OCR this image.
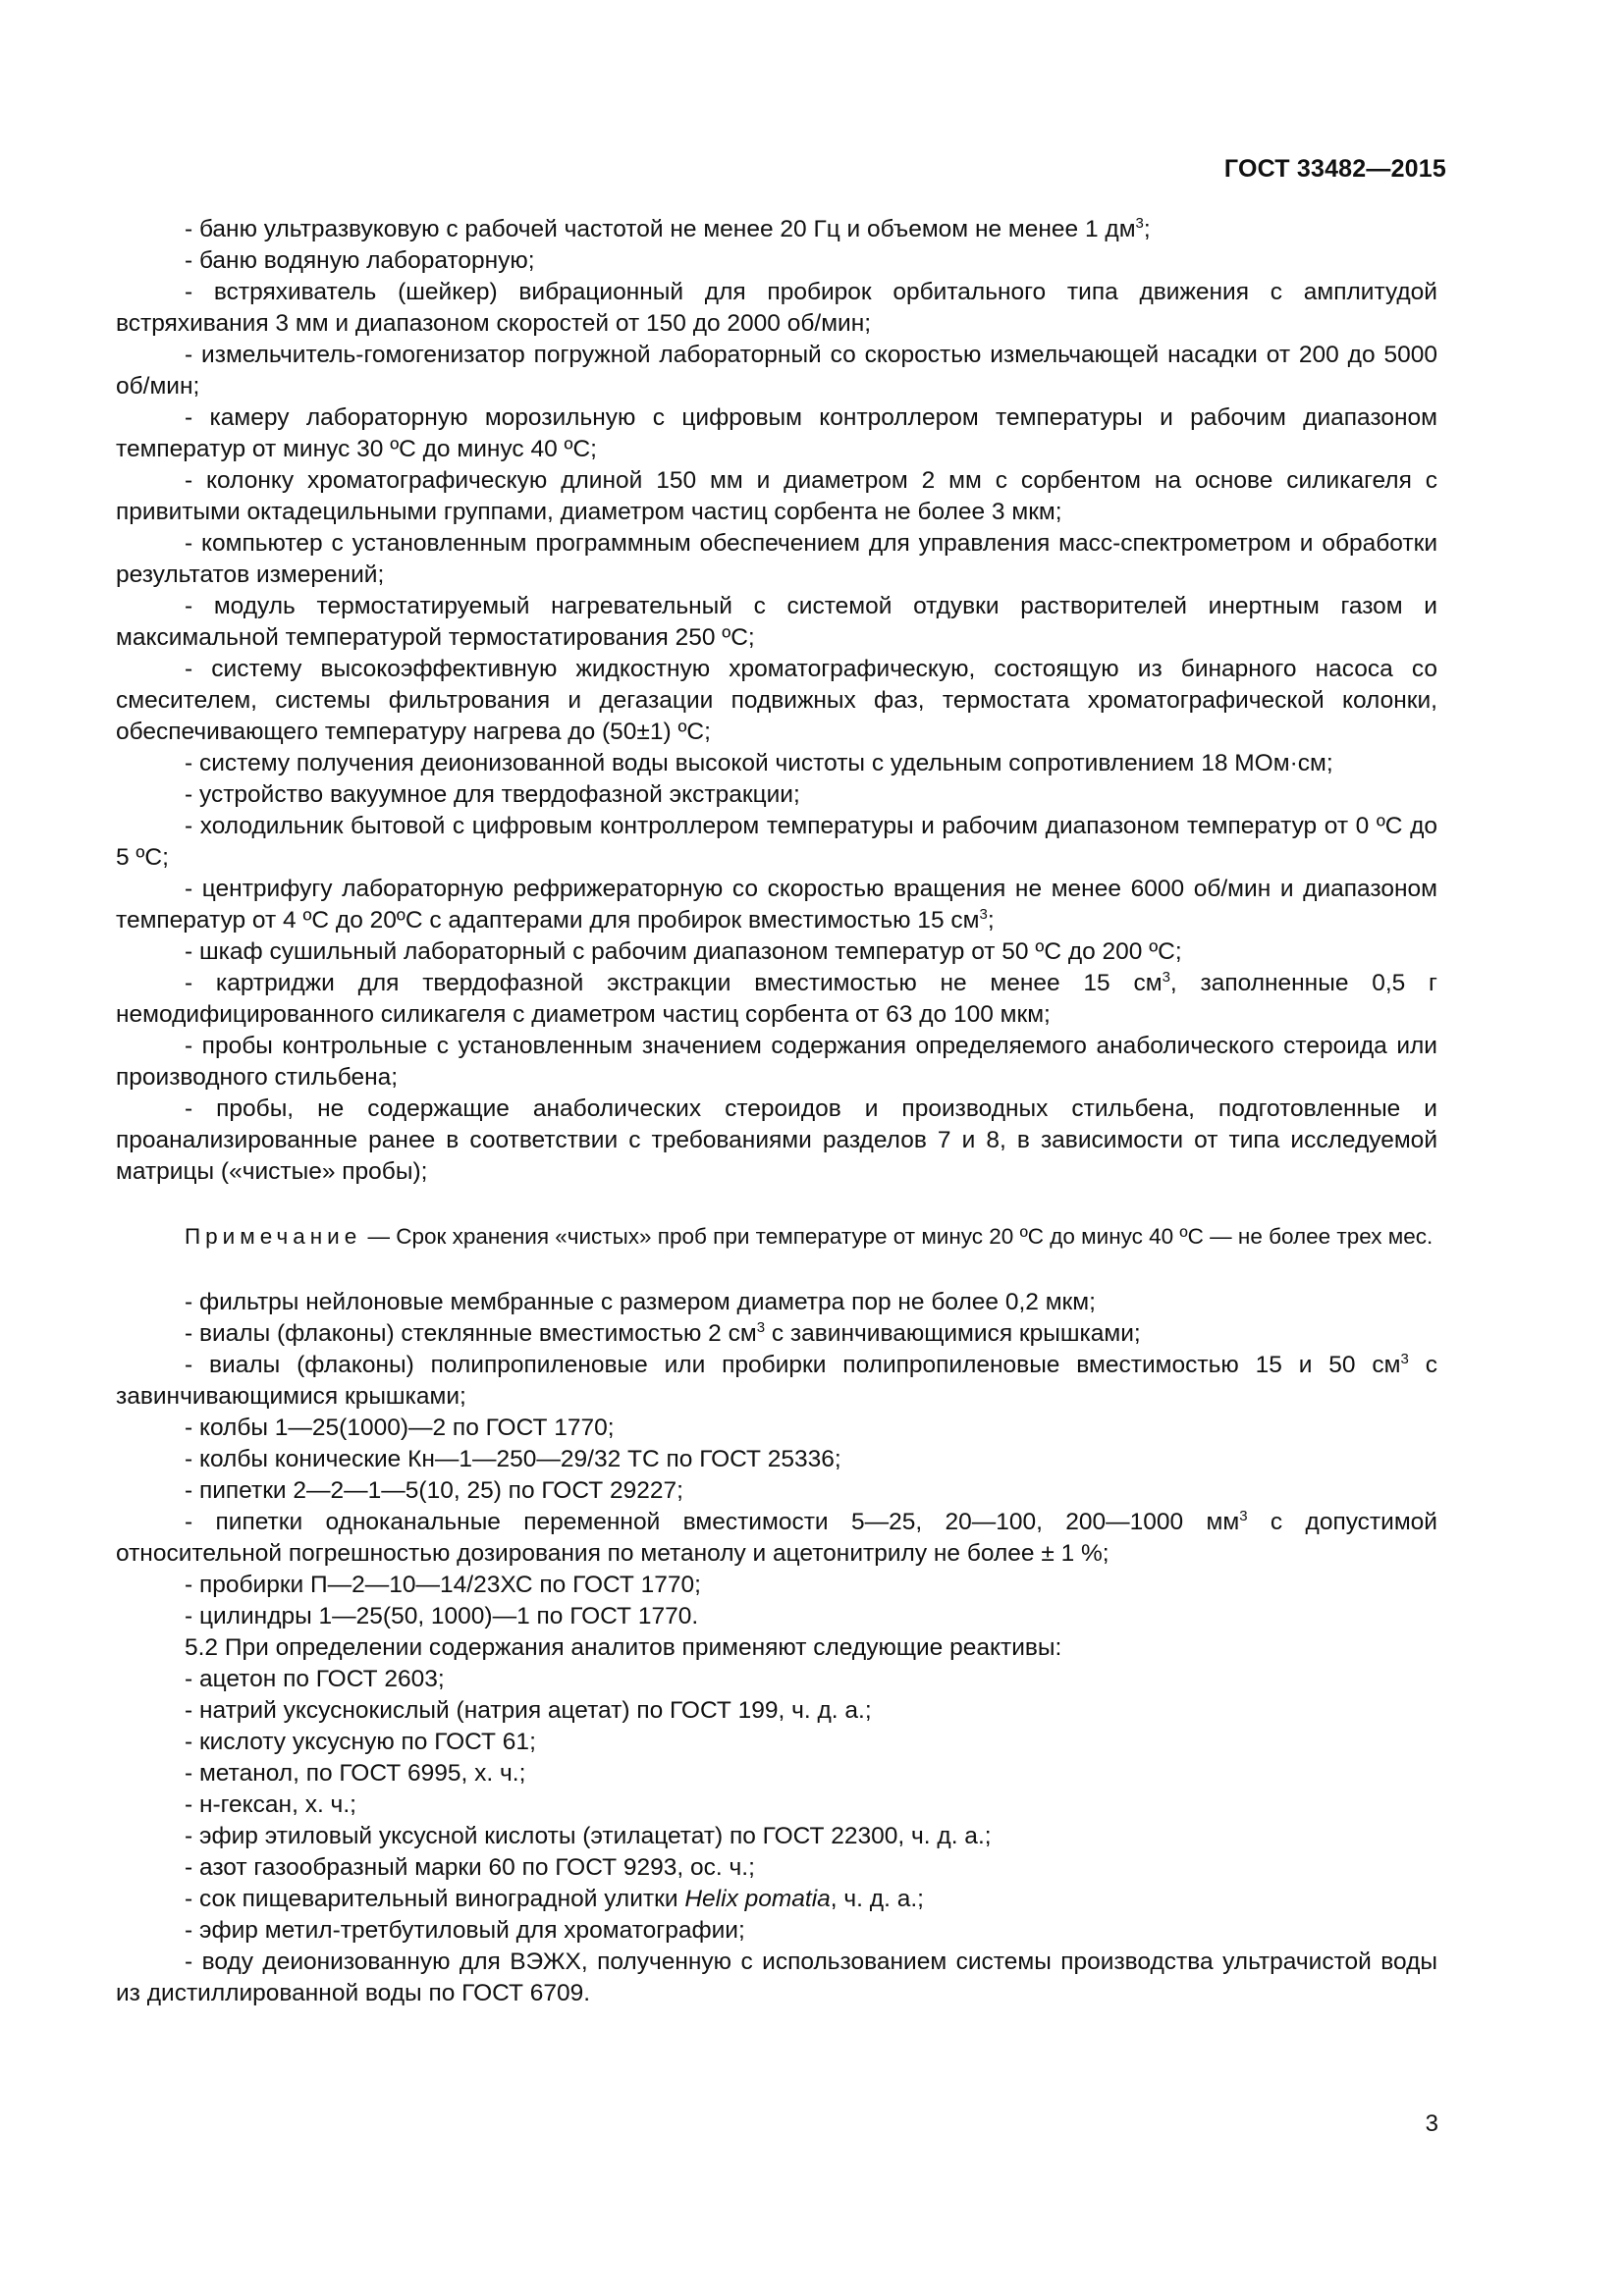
ГОСТ 33482—2015

- баню ультразвуковую с рабочей частотой не менее 20 Гц и объемом не менее 1 $дм^3$;

- баню водяную лабораторную;

- встряхиватель (шейкер) вибрационный для пробирок орбитального типа движения с амплитудой встряхивания 3 мм и диапазоном скоростей от 150 до 2000 об/мин;

- измельчитель-гомогенизатор погружной лабораторный со скоростью измельчающей насадки от 200 до 5000 об/мин;

- камеру лабораторную морозильную с цифровым контроллером температуры и рабочим диапазоном температур от минус 30 ºС до минус 40 ºС;

- колонку хроматографическую длиной 150 мм и диаметром 2 мм с сорбентом на основе силикагеля с привитыми октадецильными группами, диаметром частиц сорбента не более 3 мкм;

- компьютер с установленным программным обеспечением для управления масс-спектрометром и обработки результатов измерений;

- модуль термостатируемый нагревательный с системой отдувки растворителей инертным газом и максимальной температурой термостатирования 250 ºС;

- систему высокоэффективную жидкостную хроматографическую, состоящую из бинарного насоса со смесителем, системы фильтрования и дегазации подвижных фаз, термостата хроматографической колонки, обеспечивающего температуру нагрева до (50±1) ºС;

- систему получения деионизованной воды высокой чистоты с удельным сопротивлением 18 МОм·см;

- устройство вакуумное для твердофазной экстракции;

- холодильник бытовой с цифровым контроллером температуры и рабочим диапазоном температур от 0 ºС до 5 ºС;

- центрифугу лабораторную рефрижераторную со скоростью вращения не менее 6000 об/мин и диапазоном температур от 4 ºС до 20ºС с адаптерами для пробирок вместимостью 15 $см^3$;

- шкаф сушильный лабораторный с рабочим диапазоном температур от 50 ºС до 200 ºС;

- картриджи для твердофазной экстракции вместимостью не менее 15 $см^3$, заполненные 0,5 г немодифицированного силикагеля с диаметром частиц сорбента от 63 до 100 мкм;

- пробы контрольные с установленным значением содержания определяемого анаболического стероида или производного стильбена;

- пробы, не содержащие анаболических стероидов и производных стильбена, подготовленные и проанализированные ранее в соответствии с требованиями разделов 7 и 8, в зависимости от типа исследуемой матрицы («чистые» пробы);

Примечание — Срок хранения «чистых» проб при температуре от минус 20 ºС до минус 40 ºС — не более трех мес.

- фильтры нейлоновые мембранные с размером диаметра пор не более 0,2 мкм;

- виалы (флаконы) стеклянные вместимостью 2 $см^3$ с завинчивающимися крышками;

- виалы (флаконы) полипропиленовые или пробирки полипропиленовые вместимостью 15 и 50 $см^3$ с завинчивающимися крышками;

- колбы 1—25(1000)—2 по ГОСТ 1770;

- колбы конические Кн—1—250—29/32 ТС по ГОСТ 25336;

- пипетки 2—2—1—5(10, 25) по ГОСТ 29227;

- пипетки одноканальные переменной вместимости 5—25, 20—100, 200—1000 $мм^3$ с допустимой относительной погрешностью дозирования по метанолу и ацетонитрилу не более ± 1 %;

- пробирки П—2—10—14/23ХС по ГОСТ 1770;

- цилиндры 1—25(50, 1000)—1 по ГОСТ 1770.

5.2 При определении содержания аналитов применяют следующие реактивы:

- ацетон по ГОСТ 2603;

- натрий уксуснокислый (натрия ацетат) по ГОСТ 199, ч. д. а.;

- кислоту уксусную по ГОСТ 61;

- метанол, по ГОСТ 6995, х. ч.;

- н-гексан, х. ч.;

- эфир этиловый уксусной кислоты (этилацетат) по ГОСТ 22300, ч. д. а.;

- азот газообразный марки 60 по ГОСТ 9293, ос. ч.;

- сок пищеварительный виноградной улитки Helix pomatia, ч. д. а.;

- эфир метил-третбутиловый для хроматографии;

- воду деионизованную для ВЭЖХ, полученную с использованием системы производства ультрачистой воды из дистиллированной воды по ГОСТ 6709.

3
